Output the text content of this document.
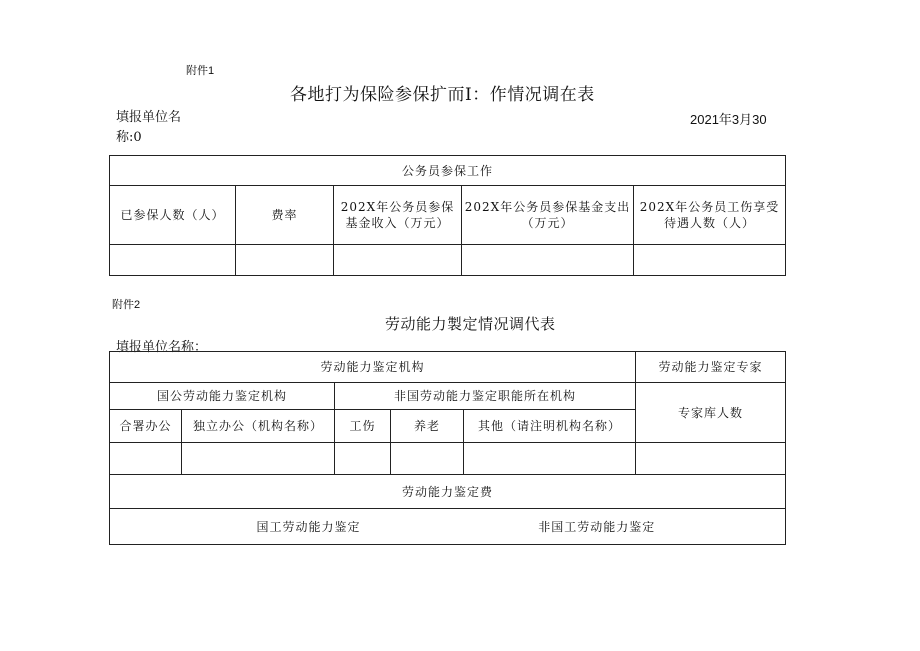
附件1
各地打为保险参保扩而I：作情况调在表
填报单位名
称:0
2021年3月30
公务员参保工作				
已参保人数（人）	费率	202X年公务员参保基金收入（万元）	202X年公务员参保基金支出（万元）	202X年公务员工伤享受待遇人数（人）

附件2
劳动能力製定情况调代表
填报单位名称：
劳动能力鉴定机构					劳动能力鉴定专家
国公劳动能力鉴定机构		非国劳动能力鉴定职能所在机构			专家库人数
合署办公	独立办公（机构名称）	工伤	养老	其他（请注明机构名称）	

劳动能力鉴定费					
国工劳动能力鉴定			非国工劳动能力鉴定		
